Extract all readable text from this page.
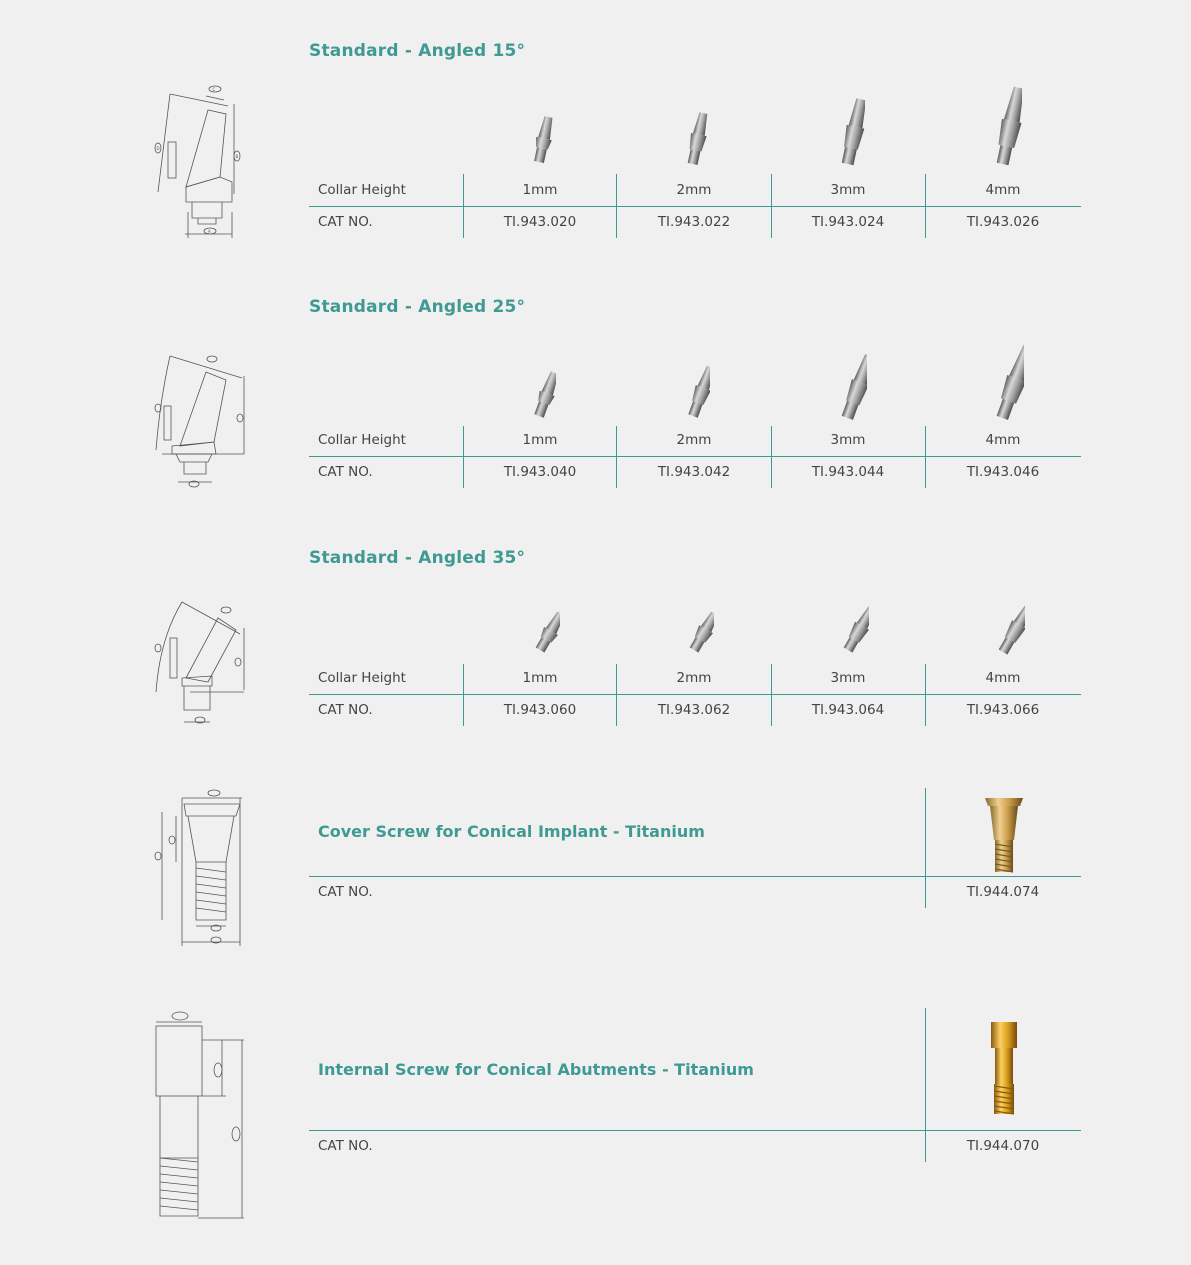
Standard - Angled 15°
C
B
A
D
Collar Height	1mm	2mm	3mm	4mm
CAT NO.	TI.943.020	TI.943.022	TI.943.024	TI.943.026
Standard - Angled 25°
Collar Height	1mm	2mm	3mm	4mm
CAT NO.	TI.943.040	TI.943.042	TI.943.044	TI.943.046
Standard - Angled 35°
Collar Height	1mm	2mm	3mm	4mm
CAT NO.	TI.943.060	TI.943.062	TI.943.064	TI.943.066
Cover Screw for Conical Implant - Titanium
CAT NO.	TI.944.074
Internal Screw for Conical Abutments - Titanium
CAT NO.	TI.944.070
